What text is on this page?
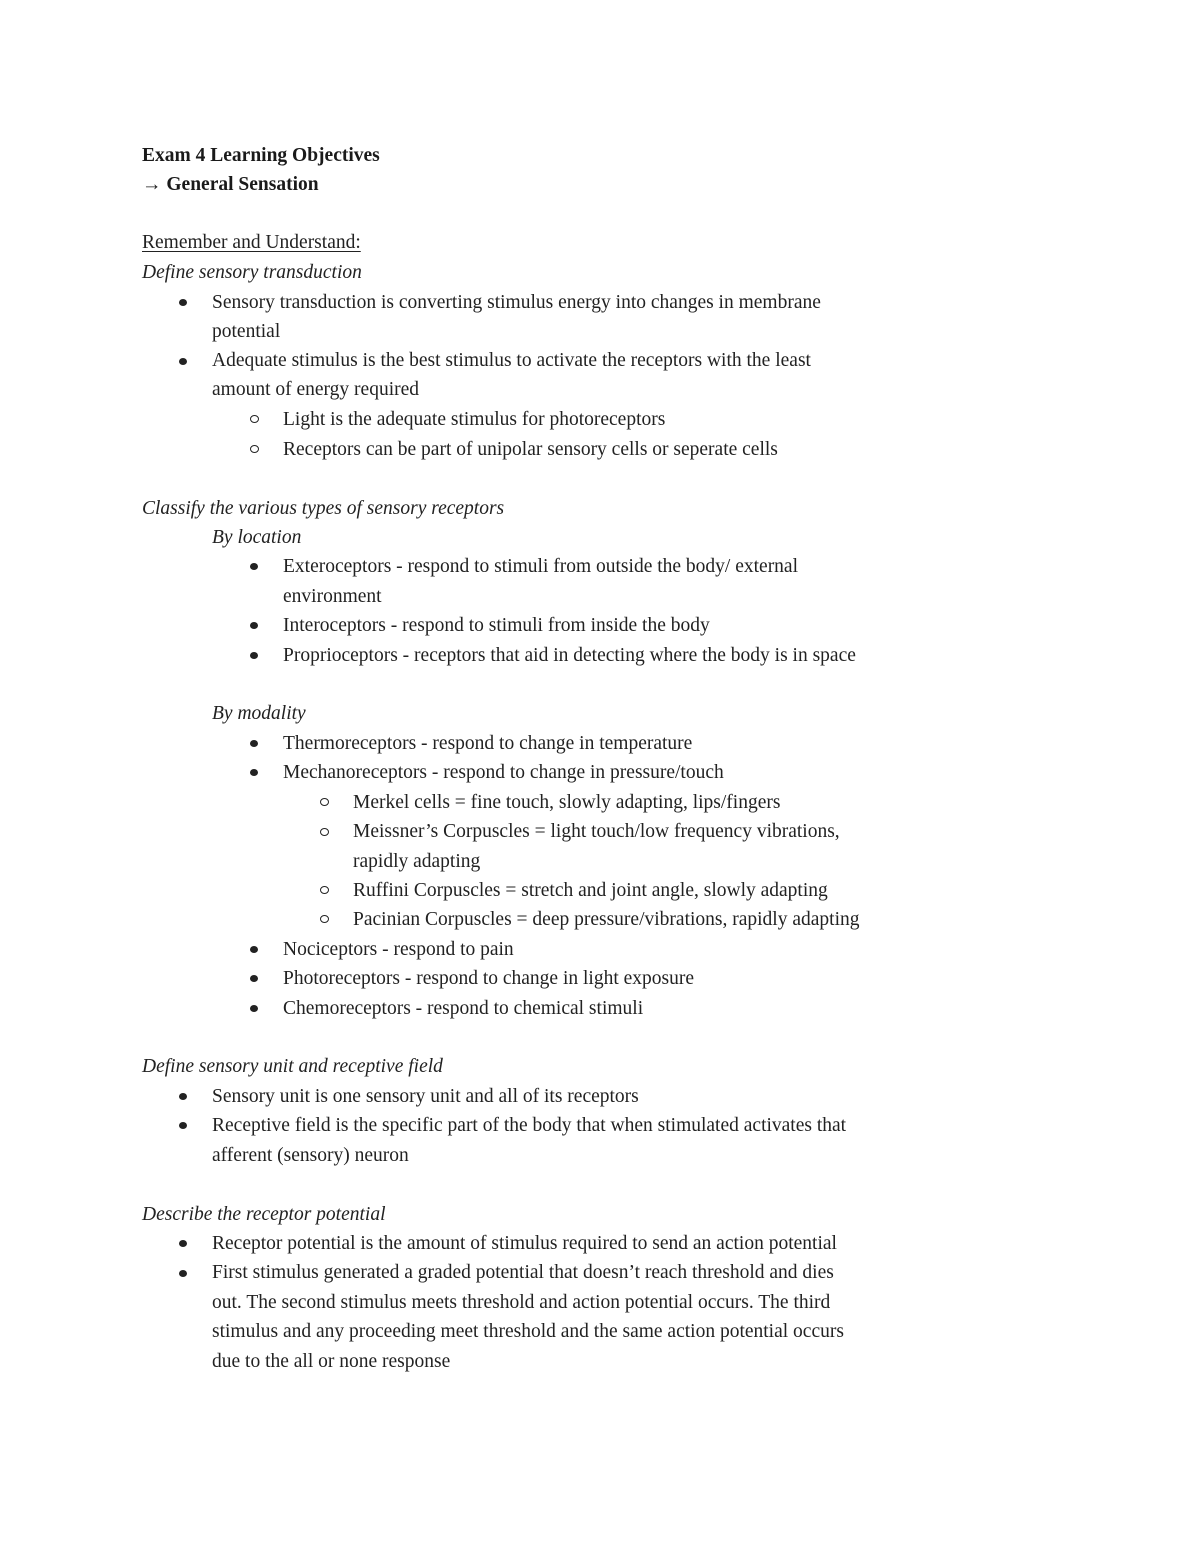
Exam 4 Learning Objectives
→ General Sensation
Remember and Understand:
Define sensory transduction
Sensory transduction is converting stimulus energy into changes in membrane
potential
Adequate stimulus is the best stimulus to activate the receptors with the least
amount of energy required
Light is the adequate stimulus for photoreceptors
Receptors can be part of unipolar sensory cells or seperate cells
Classify the various types of sensory receptors
By location
Exteroceptors - respond to stimuli from outside the body/ external
environment
Interoceptors - respond to stimuli from inside the body
Proprioceptors - receptors that aid in detecting where the body is in space
By modality
Thermoreceptors - respond to change in temperature
Mechanoreceptors - respond to change in pressure/touch
Merkel cells = fine touch, slowly adapting, lips/fingers
Meissner’s Corpuscles = light touch/low frequency vibrations,
rapidly adapting
Ruffini Corpuscles = stretch and joint angle, slowly adapting
Pacinian Corpuscles = deep pressure/vibrations, rapidly adapting
Nociceptors - respond to pain
Photoreceptors - respond to change in light exposure
Chemoreceptors - respond to chemical stimuli
Define sensory unit and receptive field
Sensory unit is one sensory unit and all of its receptors
Receptive field is the specific part of the body that when stimulated activates that
afferent (sensory) neuron
Describe the receptor potential
Receptor potential is the amount of stimulus required to send an action potential
First stimulus generated a graded potential that doesn’t reach threshold and dies
out. The second stimulus meets threshold and action potential occurs. The third
stimulus and any proceeding meet threshold and the same action potential occurs
due to the all or none response
